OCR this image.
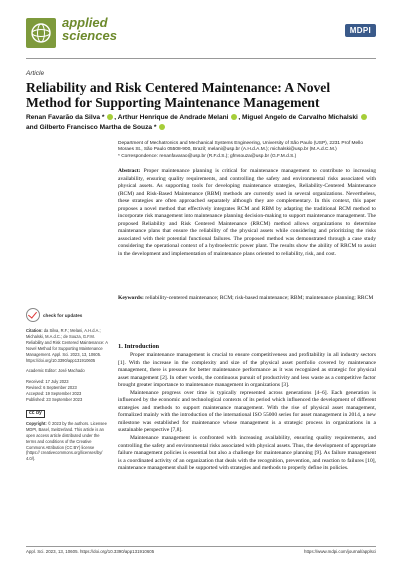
applied
sciences	MDPI
Article
Reliability and Risk Centered Maintenance: A Novel Method for Supporting Maintenance Management
Renan Favarão da Silva * , Arthur Henrique de Andrade Melani , Miguel Angelo de Carvalho Michalski  and Gilberto Francisco Martha de Souza *
Department of Mechatronics and Mechanical Systems Engineering, University of São Paulo (USP), 2231 Prof Mello Moraes St., São Paulo 05508-900, Brazil; melani@usp.br (A.H.d.A.M.); michalski@usp.br (M.A.d.C.M.)
* Correspondence: renanfavarao@usp.br (R.F.d.S.); gfmsouza@usp.br (G.F.M.d.S.)
Abstract: Proper maintenance planning is critical for maintenance management to contribute to increasing availability, ensuring quality requirements, and controlling the safety and environmental risks associated with physical assets. As supporting tools for developing maintenance strategies, Reliability-Centered Maintenance (RCM) and Risk-Based Maintenance (RBM) methods are currently used in several organizations. Nevertheless, these strategies are often approached separately although they are complementary. In this context, this paper proposes a novel method that effectively integrates RCM and RBM by adapting the traditional RCM method to incorporate risk management into maintenance planning decision-making to support maintenance management. The proposed Reliability and Risk Centered Maintenance (RRCM) method allows organizations to determine maintenance plans that ensure the reliability of the physical assets while considering and prioritizing the risks associated with their potential functional failures. The proposed method was demonstrated through a case study considering the operational context of a hydroelectric power plant. The results show the ability of RRCM to assist in the development and implementation of maintenance plans oriented to reliability, risk, and cost.
Keywords: reliability-centered maintenance; RCM; risk-based maintenance; RBM; maintenance planning; RRCM
check for updates

Citation: da Silva, R.F.; Melani, A.H.d.A.; Michalski, M.A.d.C.; de Souza, G.F.M. Reliability and Risk Centered Maintenance: A Novel Method for Supporting Maintenance Management. Appl. Sci. 2023, 13, 10605. https://doi.org/10.3390/app131910605

Academic Editor: José Machado

Received: 17 July 2023
Revised: 6 September 2023
Accepted: 19 September 2023
Published: 23 September 2023

cc by

Copyright: © 2023 by the authors. Licensee MDPI, Basel, Switzerland. This article is an open access article distributed under the terms and conditions of the Creative Commons Attribution (CC BY) license (https:// creativecommons.org/licenses/by/ 4.0/).

1. Introduction

Proper maintenance management is crucial to ensure competitiveness and profitability in all industry sectors [1]. With the increase in the complexity and size of the physical asset portfolio covered by maintenance management, there is pressure for better maintenance performance as it was recognized as strategic for physical asset management [2]. In other words, the continuous pursuit of productivity and less waste as a competitive factor brought greater importance to maintenance management in organizations [3].

Maintenance progress over time is typically represented across generations [4–6]. Each generation is influenced by the economic and technological contexts of its period which influenced the development of different strategies and methods to support maintenance management. With the rise of physical asset management, formalized mainly with the introduction of the international ISO 55000 series for asset management in 2014, a new milestone was established for maintenance whose management is a strategic process in organizations in a sustainable perspective [7,8].

Maintenance management is confronted with increasing availability, ensuring quality requirements, and controlling the safety and environmental risks associated with physical assets. Thus, the development of appropriate failure management policies is essential but also a challenge for maintenance planning [9]. As failure management is a coordinated activity of an organization that deals with the recognition, prevention, and reaction to failures [10], maintenance management shall be supported with strategies and methods to properly define its policies.

Appl. Sci. 2023, 13, 10605. https://doi.org/10.3390/app131910605	https://www.mdpi.com/journal/applsci
